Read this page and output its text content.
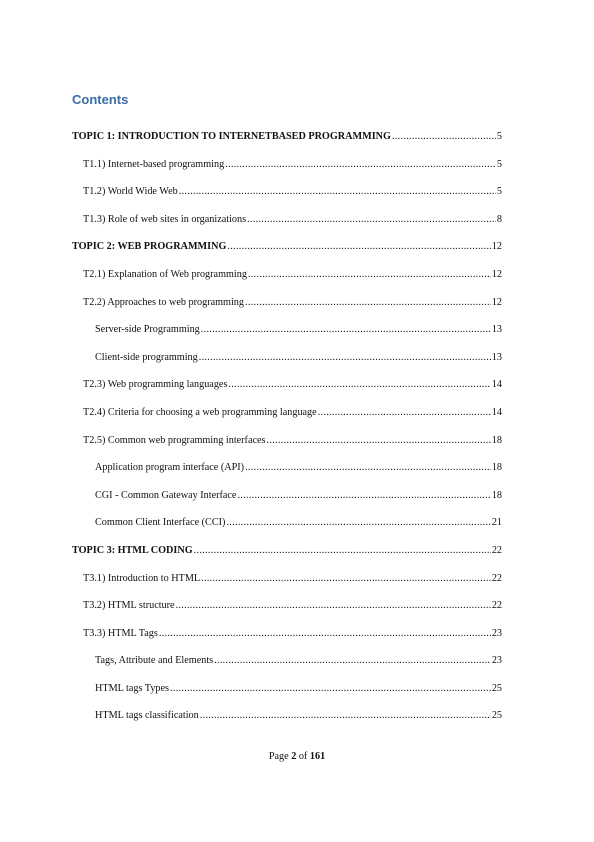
Contents
TOPIC 1: INTRODUCTION TO INTERNETBASED PROGRAMMING .....	5
T1.1) Internet-based programming .....	5
T1.2) World Wide Web .....	5
T1.3) Role of web sites in organizations .....	8
TOPIC 2: WEB PROGRAMMING .....	12
T2.1) Explanation of Web programming .....	12
T2.2) Approaches to web programming .....	12
Server-side Programming .....	13
Client-side programming .....	13
T2.3) Web programming languages .....	14
T2.4) Criteria for choosing a web programming language .....	14
T2.5) Common web programming interfaces .....	18
Application program interface (API) .....	18
CGI - Common Gateway Interface .....	18
Common Client Interface (CCI) .....	21
TOPIC 3: HTML CODING .....	22
T3.1) Introduction to HTML .....	22
T3.2) HTML structure .....	22
T3.3) HTML Tags .....	23
Tags, Attribute and Elements .....	23
HTML tags Types .....	25
HTML tags classification .....	25
Page 2 of 161
